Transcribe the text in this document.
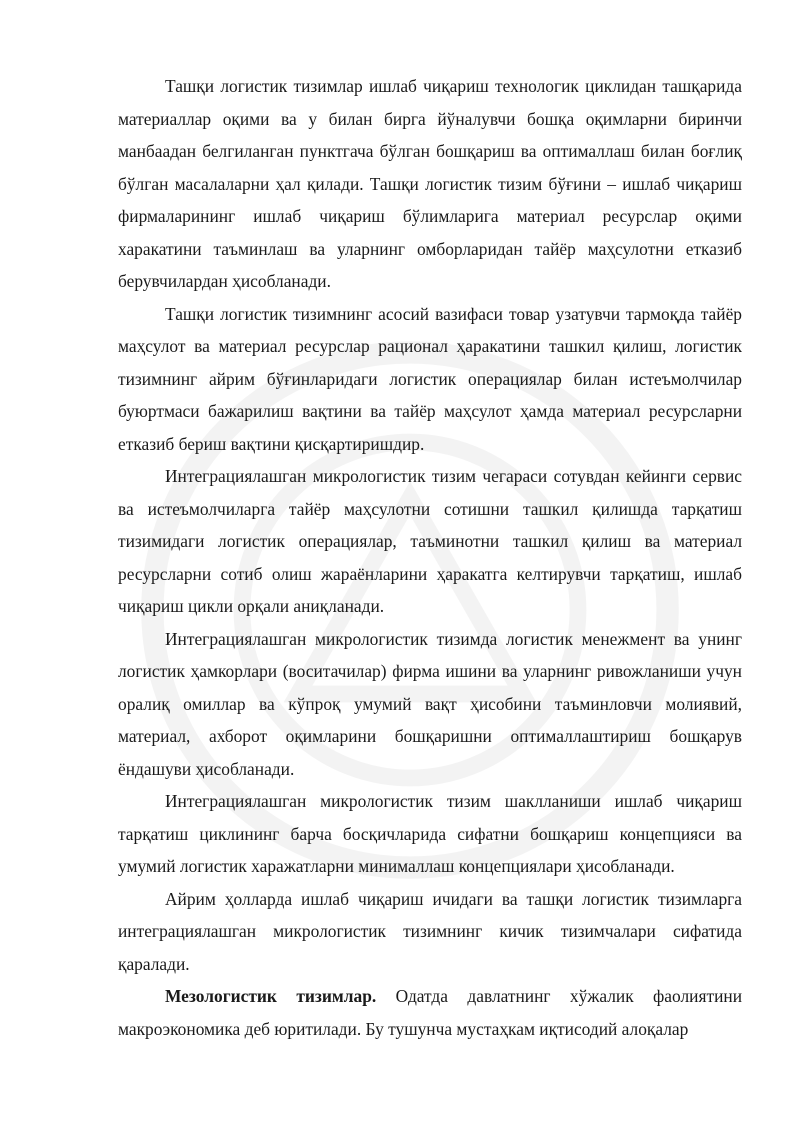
Ташқи логистик тизимлар ишлаб чиқариш технологик циклидан ташқарида материаллар оқими ва у билан бирга йўналувчи бошқа оқимларни биринчи манбаадан белгиланган пунктгача бўлган бошқариш ва оптималлаш билан боғлиқ бўлган масалаларни ҳал қилади. Ташқи логистик тизим бўғини – ишлаб чиқариш фирмаларининг ишлаб чиқариш бўлимларига материал ресурслар оқими харакатини таъминлаш ва уларнинг омборларидан тайёр маҳсулотни етказиб берувчилардан ҳисобланади.

Ташқи логистик тизимнинг асосий вазифаси товар узатувчи тармоқда тайёр маҳсулот ва материал ресурслар рационал ҳаракатини ташкил қилиш, логистик тизимнинг айрим бўғинларидаги логистик операциялар билан истеъмолчилар буюртмаси бажарилиш вақтини ва тайёр маҳсулот ҳамда материал ресурсларни етказиб бериш вақтини қисқартиришдир.

Интеграциялашган микрологистик тизим чегараси сотувдан кейинги сервис ва истеъмолчиларга тайёр маҳсулотни сотишни ташкил қилишда тарқатиш тизимидаги логистик операциялар, таъминотни ташкил қилиш ва материал ресурсларни сотиб олиш жараёнларини ҳаракатга келтирувчи тарқатиш, ишлаб чиқариш цикли орқали аниқланади.

Интеграциялашган микрологистик тизимда логистик менежмент ва унинг логистик ҳамкорлари (воситачилар) фирма ишини ва уларнинг ривожланиши учун оралиқ омиллар ва кўпроқ умумий вақт ҳисобини таъминловчи молиявий, материал, ахборот оқимларини бошқаришни оптималлаштириш бошқарув ёндашуви ҳисобланади.

Интеграциялашган микрологистик тизим шаклланиши ишлаб чиқариш тарқатиш циклининг барча босқичларида сифатни бошқариш концепцияси ва умумий логистик харажатларни минималлаш концепциялари ҳисобланади.

Айрим ҳолларда ишлаб чиқариш ичидаги ва ташқи логистик тизимларга интеграциялашган микрологистик тизимнинг кичик тизимчалари сифатида қаралади.

Мезологистик тизимлар. Одатда давлатнинг хўжалик фаолиятини макроэкономика деб юритилади. Бу тушунча мустаҳкам иқтисодий алоқалар
